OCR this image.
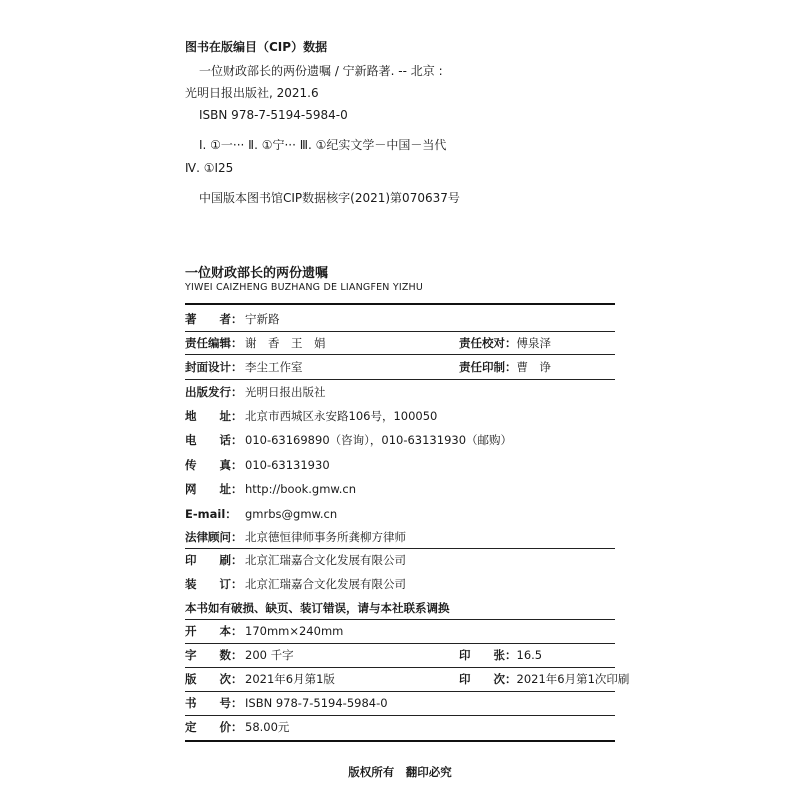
图书在版编目（CIP）数据
一位财政部长的两份遗嘱 / 宁新路著. -- 北京 :
光明日报出版社, 2021.6
ISBN 978-7-5194-5984-0
Ⅰ. ①一··· Ⅱ. ①宁··· Ⅲ. ①纪实文学－中国－当代
Ⅳ. ①I25
中国版本图书馆CIP数据核字(2021)第070637号
一位财政部长的两份遗嘱
YIWEI CAIZHENG BUZHANG DE LIANGFEN YIZHU
著　　者： 宁新路
责任编辑： 谢　香　王　娟	责任校对：傅泉泽
封面设计： 李尘工作室	责任印制：曹　诤
出版发行： 光明日报出版社
地　　址： 北京市西城区永安路106号，100050
电　　话： 010-63169890（咨询），010-63131930（邮购）
传　　真： 010-63131930
网　　址： http://book.gmw.cn
E-mail： gmrbs@gmw.cn
法律顾问： 北京德恒律师事务所龚柳方律师
印　　刷： 北京汇瑞嘉合文化发展有限公司
装　　订： 北京汇瑞嘉合文化发展有限公司
本书如有破损、缺页、装订错误，请与本社联系调换
开　　本： 170mm×240mm
字　　数： 200 千字	印　　张：16.5
版　　次： 2021年6月第1版	印　　次：2021年6月第1次印刷
书　　号： ISBN 978-7-5194-5984-0
定　　价： 58.00元
版权所有　翻印必究
